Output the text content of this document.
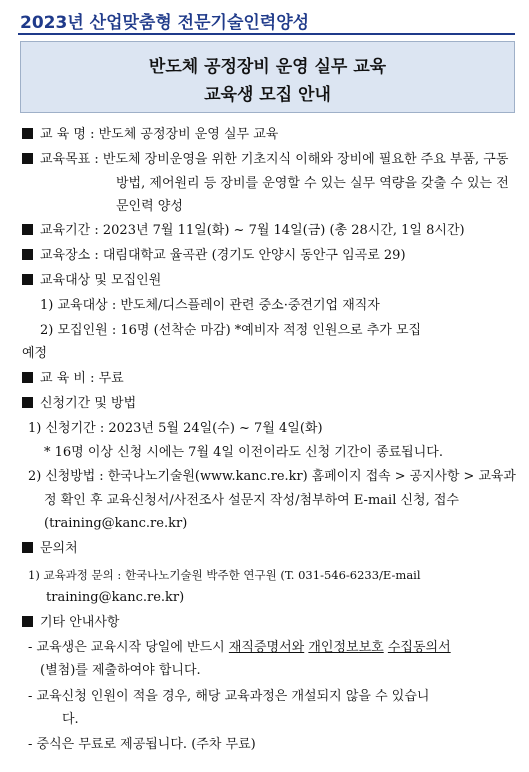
2023년 산업맞춤형 전문기술인력양성
반도체 공정장비 운영 실무 교육
교육생 모집 안내
교 육 명 : 반도체 공정장비 운영 실무 교육
교육목표 : 반도체 장비운영을 위한 기초지식 이해와 장비에 필요한 주요 부품, 구동
방법, 제어원리 등 장비를 운영할 수 있는 실무 역량을 갖출 수 있는 전
문인력 양성
교육기간 : 2023년 7월 11일(화) ~ 7월 14일(금) (총 28시간, 1일 8시간)
교육장소 : 대림대학교 율곡관 (경기도 안양시 동안구 임곡로 29)
교육대상 및 모집인원
1) 교육대상 : 반도체/디스플레이 관련 중소·중견기업 재직자
2) 모집인원 : 16명 (선착순 마감) *예비자 적정 인원으로 추가 모집
예정
교 육 비 : 무료
신청기간 및 방법
1) 신청기간 : 2023년 5월 24일(수) ~ 7월 4일(화)
* 16명 이상 신청 시에는 7월 4일 이전이라도 신청 기간이 종료됩니다.
2) 신청방법 : 한국나노기술원(www.kanc.re.kr) 홈페이지 접속 > 공지사항 > 교육과
정 확인 후 교육신청서/사전조사 설문지 작성/첨부하여 E-mail 신청, 접수
(training@kanc.re.kr)
문의처
1) 교육과정 문의 : 한국나노기술원 박주한 연구원 (T. 031-546-6233/E-mail
training@kanc.re.kr)
기타 안내사항
- 교육생은 교육시작 당일에 반드시 재직증명서와 개인정보보호 수집동의서
(별첨)를 제출하여야 합니다.
- 교육신청 인원이 적을 경우, 해당 교육과정은 개설되지 않을 수 있습니
다.
- 중식은 무료로 제공됩니다. (주차 무료)
